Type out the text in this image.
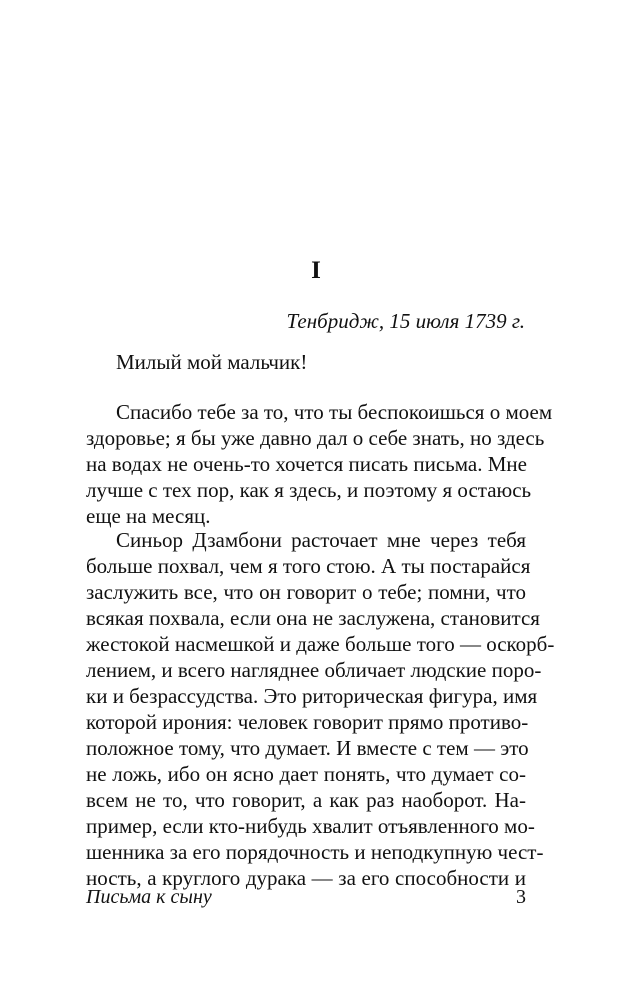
I

Тенбридж, 15 июля 1739 г.

Милый мой мальчик!

Спасибо тебе за то, что ты беспокоишься о моем

здоровье; я бы уже давно дал о себе знать, но здесь

на водах не очень-то хочется писать письма. Мне

лучше с тех пор, как я здесь, и поэтому я остаюсь

еще на месяц.

Синьор Дзамбони расточает мне через тебя

больше похвал, чем я того стою. А ты постарайся

заслужить все, что он говорит о тебе; помни, что

всякая похвала, если она не заслужена, становится

жестокой насмешкой и даже больше того — оскорб-

лением, и всего нагляднее обличает людские поро-

ки и безрассудства. Это риторическая фигура, имя

которой ирония: человек говорит прямо противо-

положное тому, что думает. И вместе с тем — это

не ложь, ибо он ясно дает понять, что думает со-

всем не то, что говорит, а как раз наоборот. На-

пример, если кто-нибудь хвалит отъявленного мо-

шенника за его порядочность и неподкупную чест-

ность, а круглого дурака — за его способности и

Письма к сыну	3
